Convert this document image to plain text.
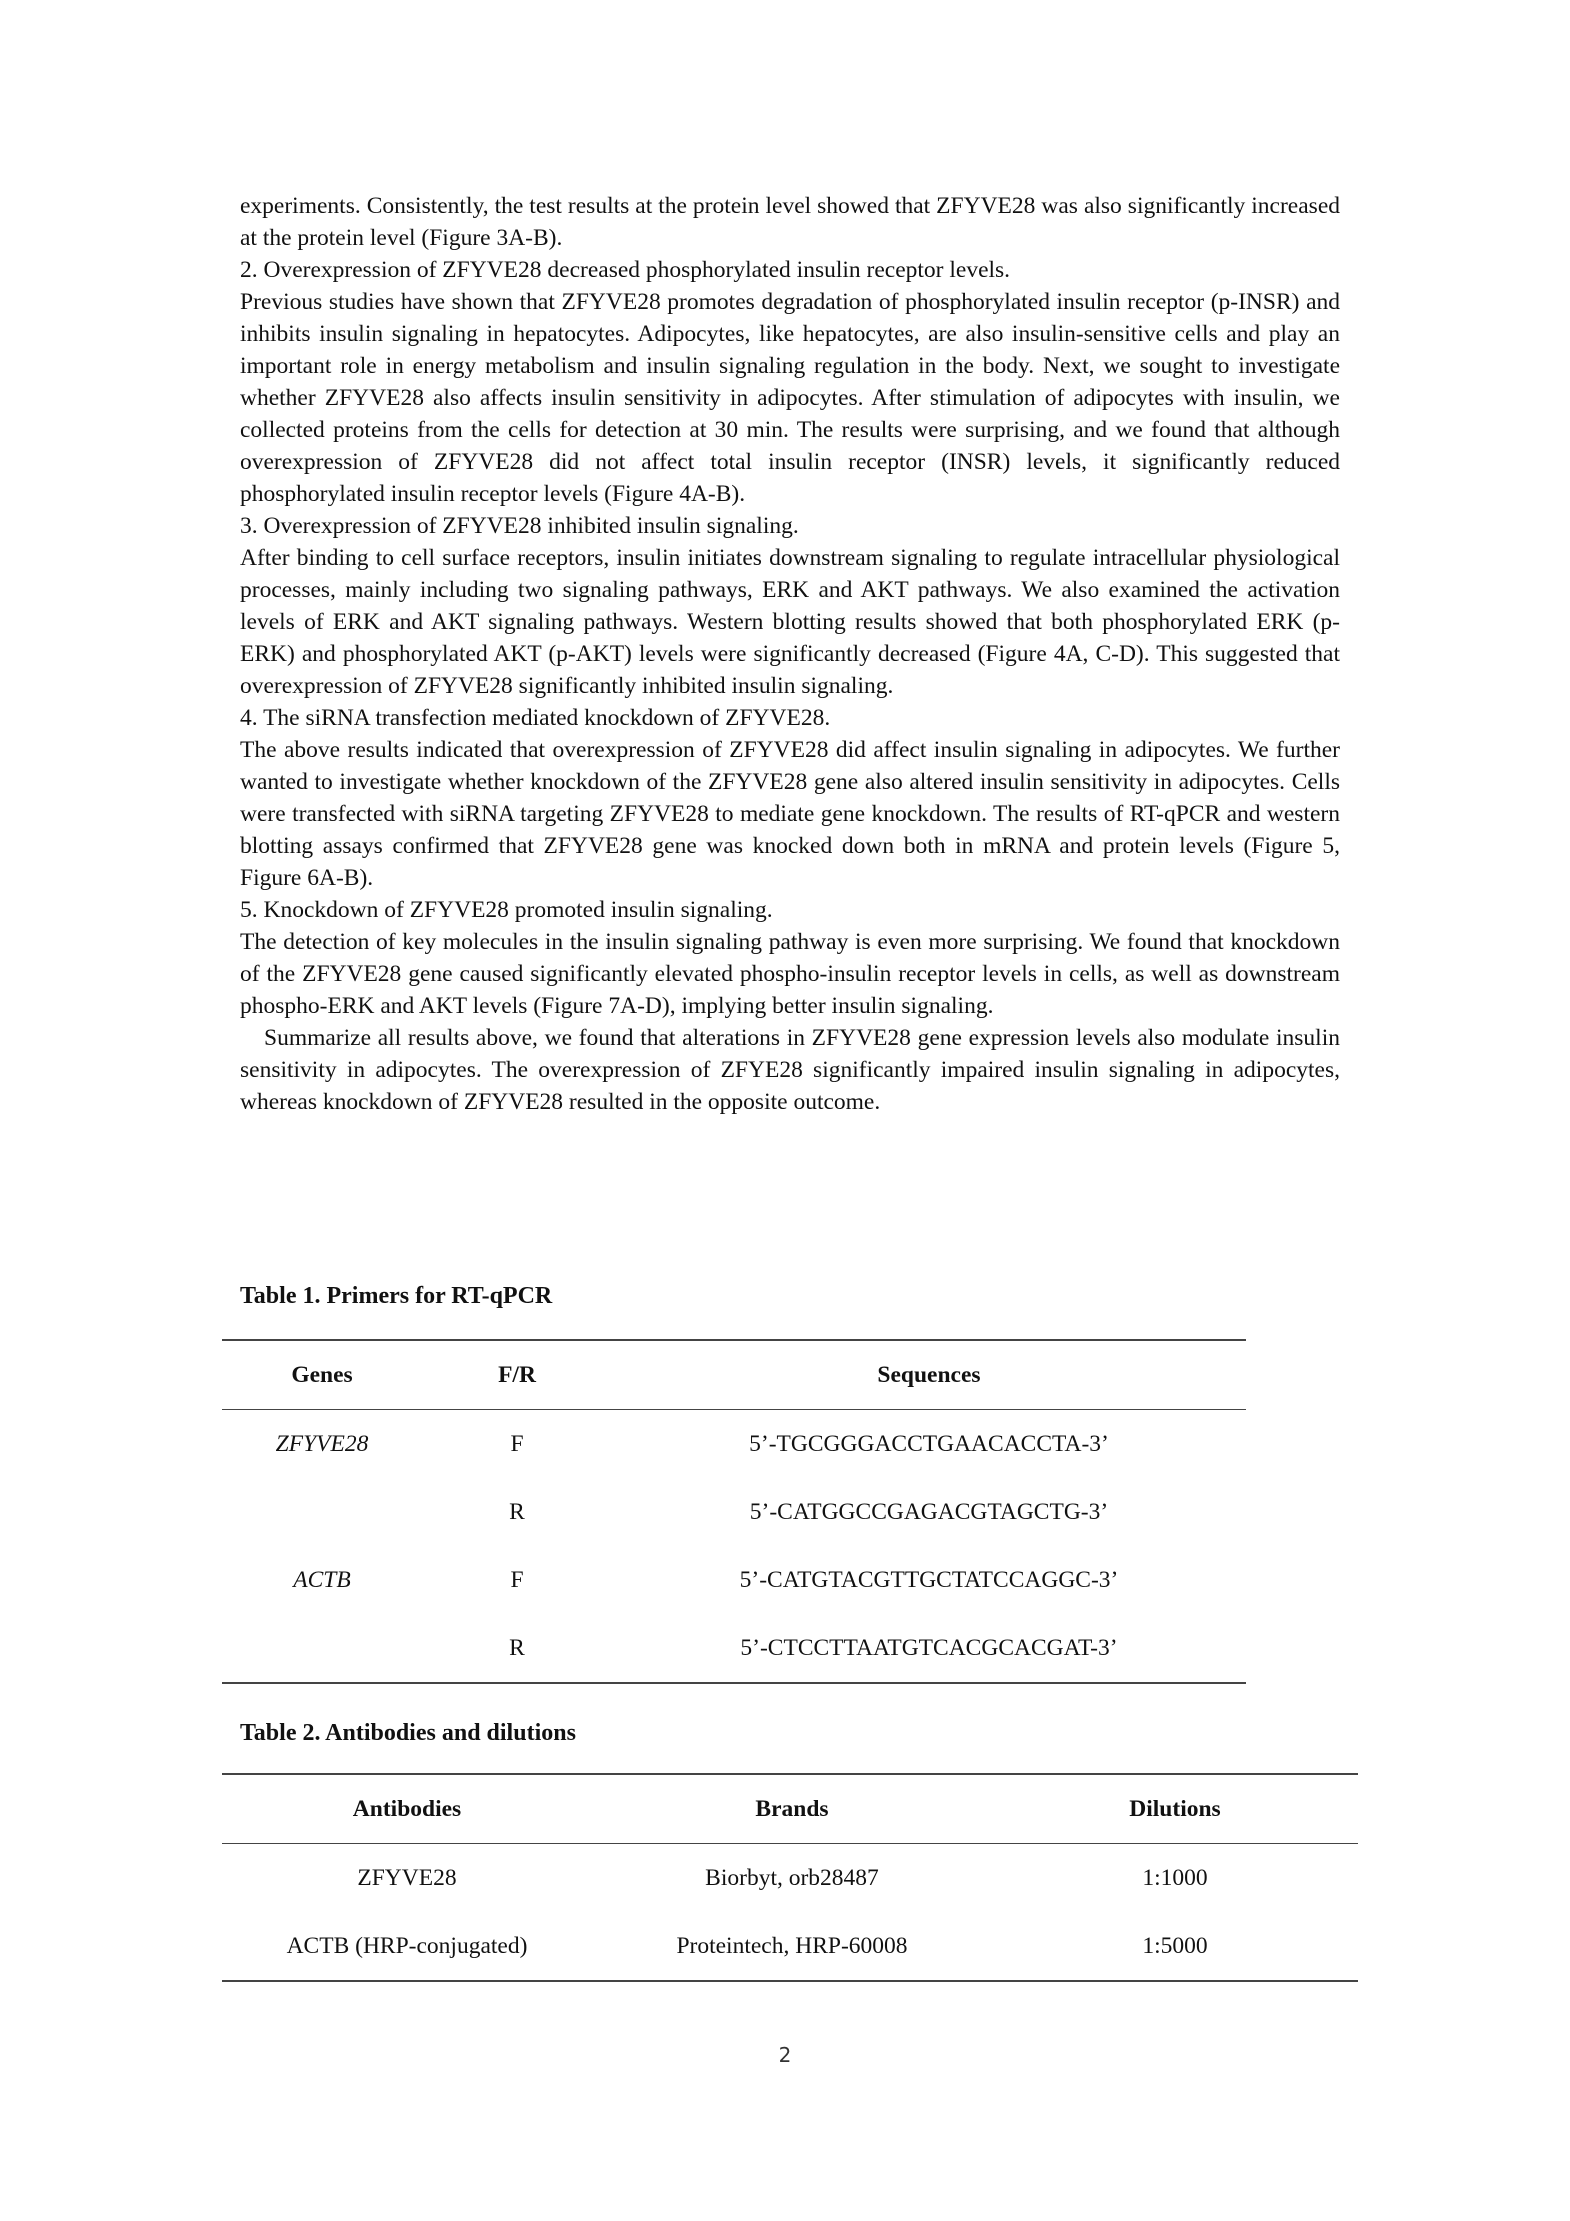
experiments. Consistently, the test results at the protein level showed that ZFYVE28 was also significantly increased at the protein level (Figure 3A-B).

2. Overexpression of ZFYVE28 decreased phosphorylated insulin receptor levels.

Previous studies have shown that ZFYVE28 promotes degradation of phosphorylated insulin receptor (p-INSR) and inhibits insulin signaling in hepatocytes. Adipocytes, like hepatocytes, are also insulin-sensitive cells and play an important role in energy metabolism and insulin signaling regulation in the body. Next, we sought to investigate whether ZFYVE28 also affects insulin sensitivity in adipocytes. After stimulation of adipocytes with insulin, we collected proteins from the cells for detection at 30 min. The results were surprising, and we found that although overexpression of ZFYVE28 did not affect total insulin receptor (INSR) levels, it significantly reduced phosphorylated insulin receptor levels (Figure 4A-B).

3. Overexpression of ZFYVE28 inhibited insulin signaling.

After binding to cell surface receptors, insulin initiates downstream signaling to regulate intracellular physiological processes, mainly including two signaling pathways, ERK and AKT pathways. We also examined the activation levels of ERK and AKT signaling pathways. Western blotting results showed that both phosphorylated ERK (p-ERK) and phosphorylated AKT (p-AKT) levels were significantly decreased (Figure 4A, C-D). This suggested that overexpression of ZFYVE28 significantly inhibited insulin signaling.

4. The siRNA transfection mediated knockdown of ZFYVE28.

The above results indicated that overexpression of ZFYVE28 did affect insulin signaling in adipocytes. We further wanted to investigate whether knockdown of the ZFYVE28 gene also altered insulin sensitivity in adipocytes. Cells were transfected with siRNA targeting ZFYVE28 to mediate gene knockdown. The results of RT-qPCR and western blotting assays confirmed that ZFYVE28 gene was knocked down both in mRNA and protein levels (Figure 5, Figure 6A-B).

5. Knockdown of ZFYVE28 promoted insulin signaling.

The detection of key molecules in the insulin signaling pathway is even more surprising. We found that knockdown of the ZFYVE28 gene caused significantly elevated phospho-insulin receptor levels in cells, as well as downstream phospho-ERK and AKT levels (Figure 7A-D), implying better insulin signaling.

Summarize all results above, we found that alterations in ZFYVE28 gene expression levels also modulate insulin sensitivity in adipocytes. The overexpression of ZFYE28 significantly impaired insulin signaling in adipocytes, whereas knockdown of ZFYVE28 resulted in the opposite outcome.

Table 1. Primers for RT-qPCR
Genes	F/R	Sequences
ZFYVE28	F	5’-TGCGGGACCTGAACACCTA-3’
	R	5’-CATGGCCGAGACGTAGCTG-3’
ACTB	F	5’-CATGTACGTTGCTATCCAGGC-3’
	R	5’-CTCCTTAATGTCACGCACGAT-3’
Table 2. Antibodies and dilutions
Antibodies	Brands	Dilutions
ZFYVE28	Biorbyt, orb28487	1:1000
ACTB (HRP-conjugated)	Proteintech, HRP-60008	1:5000
2
